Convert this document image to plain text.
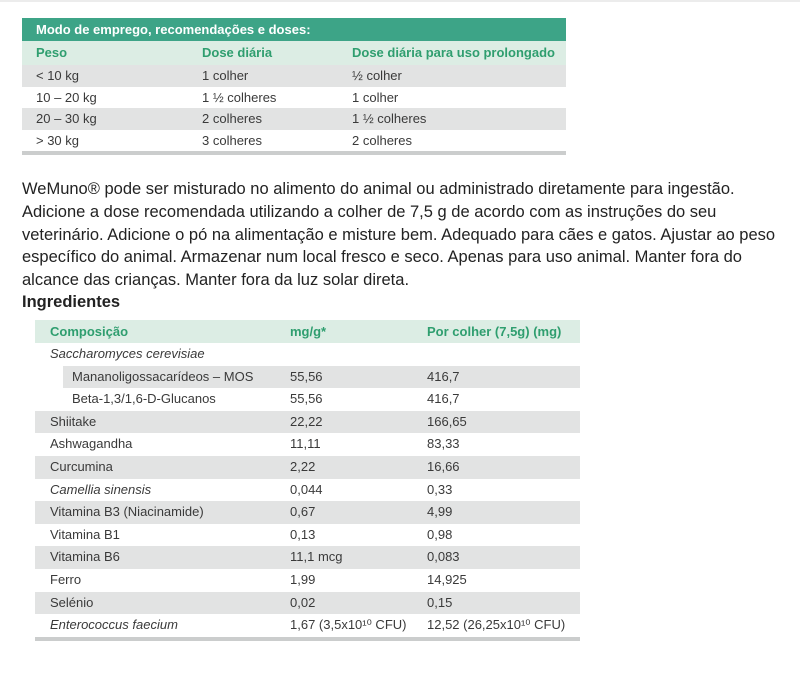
Modo de emprego, recomendações e doses:
Peso	Dose diária	Dose diária para uso prolongado
< 10 kg	1 colher	½ colher
10 – 20 kg	1 ½ colheres	1 colher
20 – 30 kg	2 colheres	1 ½ colheres
> 30 kg	3 colheres	2 colheres
WeMuno® pode ser misturado no alimento do animal ou administrado diretamente para ingestão.
Adicione a dose recomendada utilizando a colher de 7,5 g de acordo com as instruções do seu
veterinário. Adicione o pó na alimentação e misture bem. Adequado para cães e gatos. Ajustar ao peso
específico do animal. Armazenar num local fresco e seco. Apenas para uso animal. Manter fora do
alcance das crianças. Manter fora da luz solar direta.
Ingredientes
Composição	mg/g*	Por colher (7,5g) (mg)
Saccharomyces cerevisiae
Mananoligossacarídeos – MOS	55,56	416,7
Beta-1,3/1,6-D-Glucanos	55,56	416,7
Shiitake	22,22	166,65
Ashwagandha	11,11	83,33
Curcumina	2,22	16,66
Camellia sinensis	0,044	0,33
Vitamina B3 (Niacinamide)	0,67	4,99
Vitamina B1	0,13	0,98
Vitamina B6	11,1 mcg	0,083
Ferro	1,99	14,925
Selénio	0,02	0,15
Enterococcus faecium	1,67 (3,5x10¹⁰ CFU)	12,52 (26,25x10¹⁰ CFU)
